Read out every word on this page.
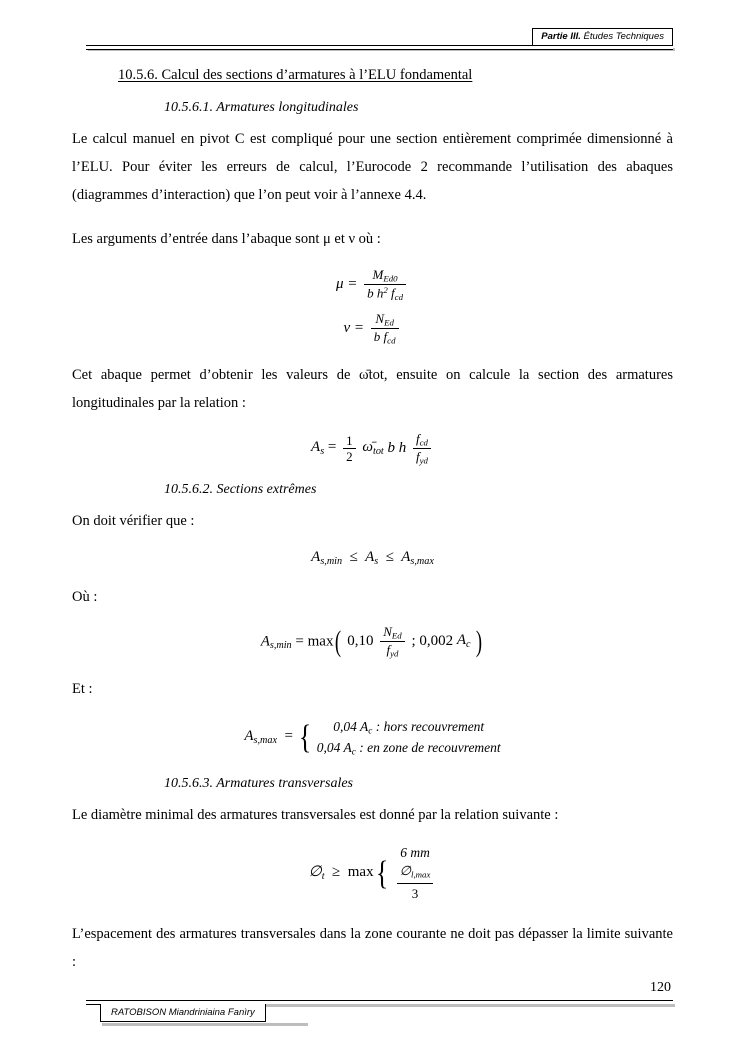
Partie III. Études Techniques
10.5.6. Calcul des sections d’armatures à l’ELU fondamental
10.5.6.1. Armatures longitudinales

Le calcul manuel en pivot C est compliqué pour une section entièrement comprimée dimensionné à l’ELU. Pour éviter les erreurs de calcul, l’Eurocode 2 recommande l’utilisation des abaques (diagrammes d’interaction) que l’on peut voir à l’annexe 4.4.

Les arguments d’entrée dans l’abaque sont μ et ν où :

$\mu = \frac{M_{Ed0}}{b h^2 f_{cd}}$
$\nu = \frac{N_{Ed}}{b f_{cd}}$

Cet abaque permet d’obtenir les valeurs de ω̄tot, ensuite on calcule la section des armatures longitudinales par la relation :

$A_s = \frac{1}{2}$ $\omegā_{tot}$ b h $\frac{f_{cd}}{f_{yd}}$
10.5.6.2. Sections extrêmes

On doit vérifier que :

$A_{s,min} \le A_s \le A_{s,max}$

Où :

$A_{s,min} = \max$( $0,10 \frac{N_{Ed}}{f_{yd}}$ ; 0,002 $A_c$ )

Et :

$A_{s,max}$ = {	0,04 $A_c$ : hors recouvrement
0,04 $A_c$ : en zone de recouvrement
10.5.6.3. Armatures transversales

Le diamètre minimal des armatures transversales est donné par la relation suivante :

$\emptyset_t \ge \max${
6 mm
$\frac{\emptyset_{l,max}}{3}$

L’espacement des armatures transversales dans la zone courante ne doit pas dépasser la limite suivante :

120
RATOBISON Miandriniaina Fanìry
